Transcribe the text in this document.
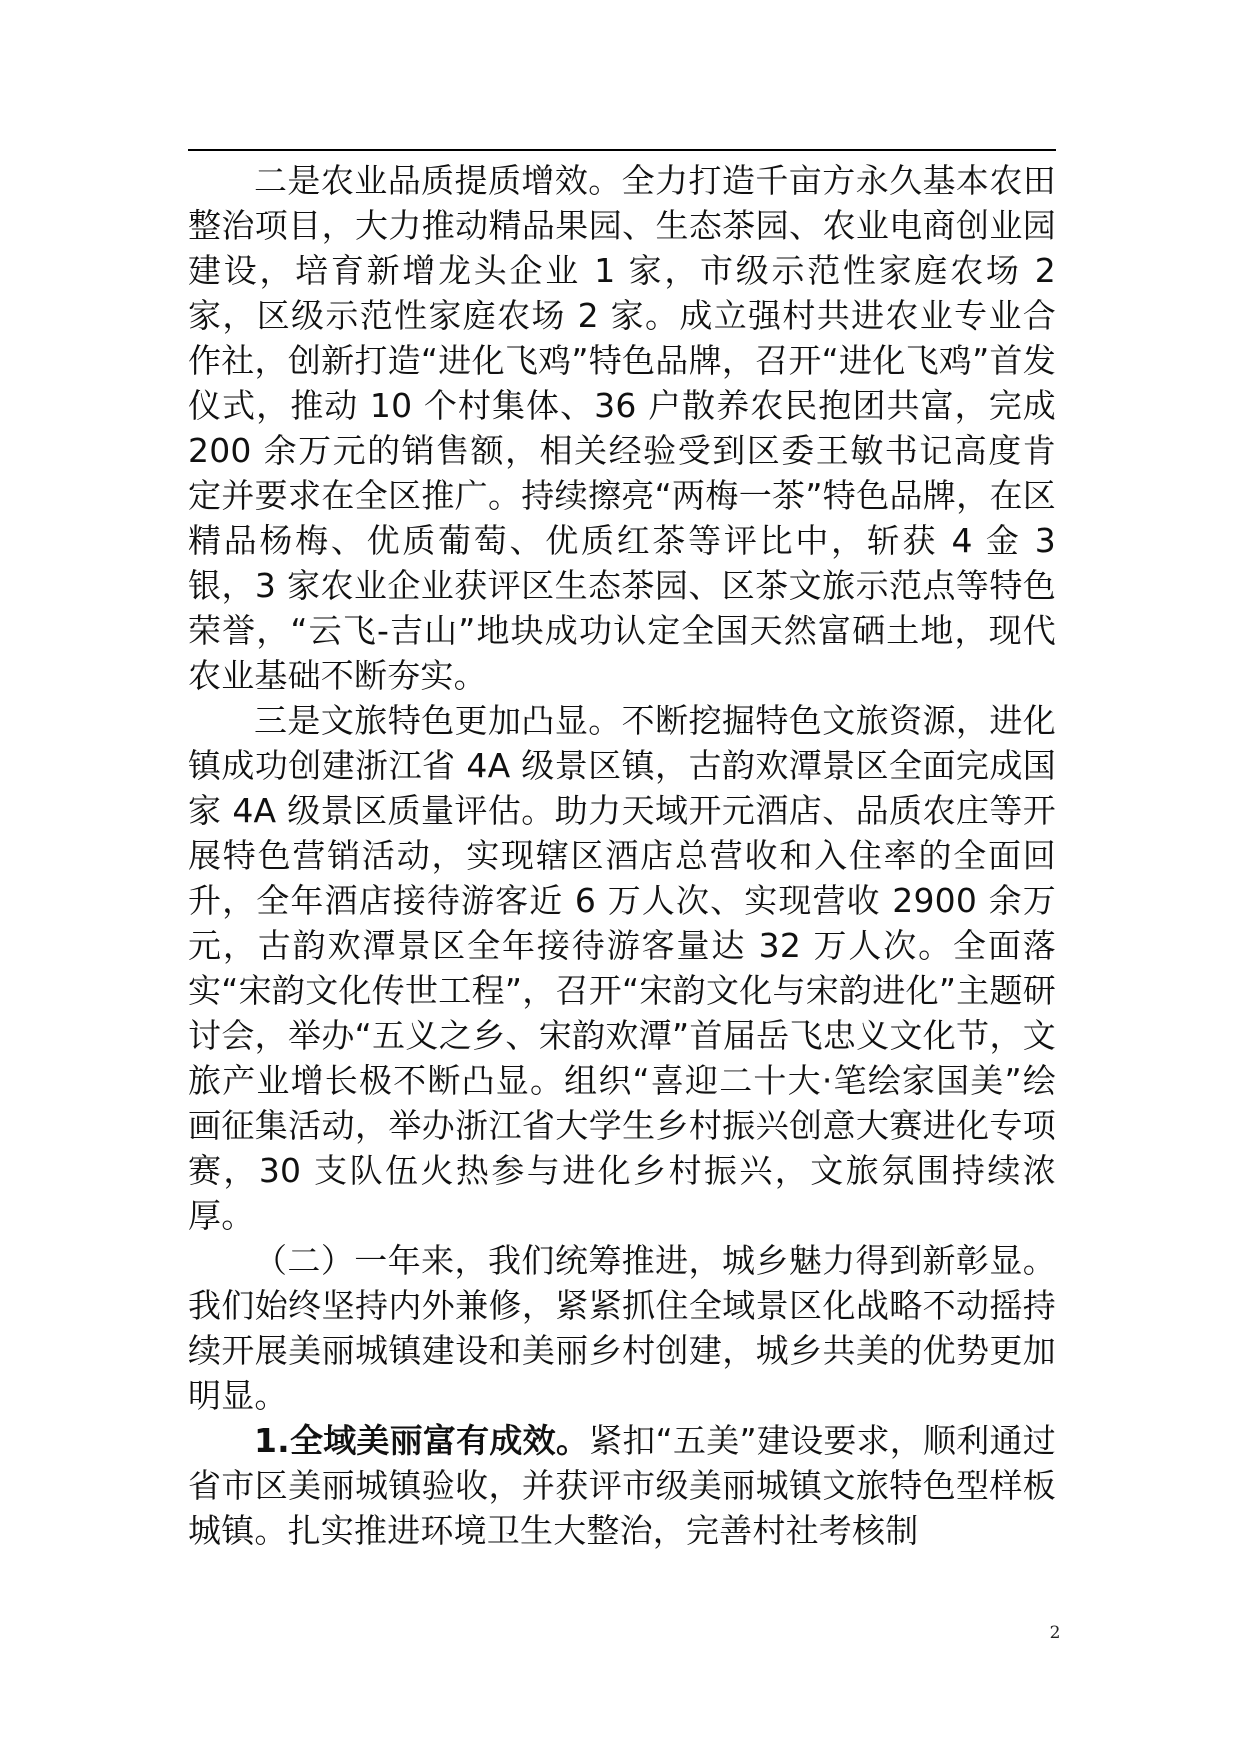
二是农业品质提质增效。全力打造千亩方永久基本农田整治项目，大力推动精品果园、生态茶园、农业电商创业园建设，培育新增龙头企业 1 家，市级示范性家庭农场 2 家，区级示范性家庭农场 2 家。成立强村共进农业专业合作社，创新打造“进化飞鸡”特色品牌，召开“进化飞鸡”首发仪式，推动 10 个村集体、36 户散养农民抱团共富，完成 200 余万元的销售额，相关经验受到区委王敏书记高度肯定并要求在全区推广。持续擦亮“两梅一茶”特色品牌，在区精品杨梅、优质葡萄、优质红茶等评比中，斩获 4 金 3 银，3 家农业企业获评区生态茶园、区茶文旅示范点等特色荣誉，“云飞-吉山”地块成功认定全国天然富硒土地，现代农业基础不断夯实。

三是文旅特色更加凸显。不断挖掘特色文旅资源，进化镇成功创建浙江省 4A 级景区镇，古韵欢潭景区全面完成国家 4A 级景区质量评估。助力天域开元酒店、品质农庄等开展特色营销活动，实现辖区酒店总营收和入住率的全面回升，全年酒店接待游客近 6 万人次、实现营收 2900 余万元，古韵欢潭景区全年接待游客量达 32 万人次。全面落实“宋韵文化传世工程”，召开“宋韵文化与宋韵进化”主题研讨会，举办“五义之乡、宋韵欢潭”首届岳飞忠义文化节，文旅产业增长极不断凸显。组织“喜迎二十大·笔绘家国美”绘画征集活动，举办浙江省大学生乡村振兴创意大赛进化专项赛，30 支队伍火热参与进化乡村振兴，文旅氛围持续浓厚。

（二）一年来，我们统筹推进，城乡魅力得到新彰显。我们始终坚持内外兼修，紧紧抓住全域景区化战略不动摇持续开展美丽城镇建设和美丽乡村创建，城乡共美的优势更加明显。

1.全域美丽富有成效。紧扣“五美”建设要求，顺利通过省市区美丽城镇验收，并获评市级美丽城镇文旅特色型样板城镇。扎实推进环境卫生大整治，完善村社考核制

2
